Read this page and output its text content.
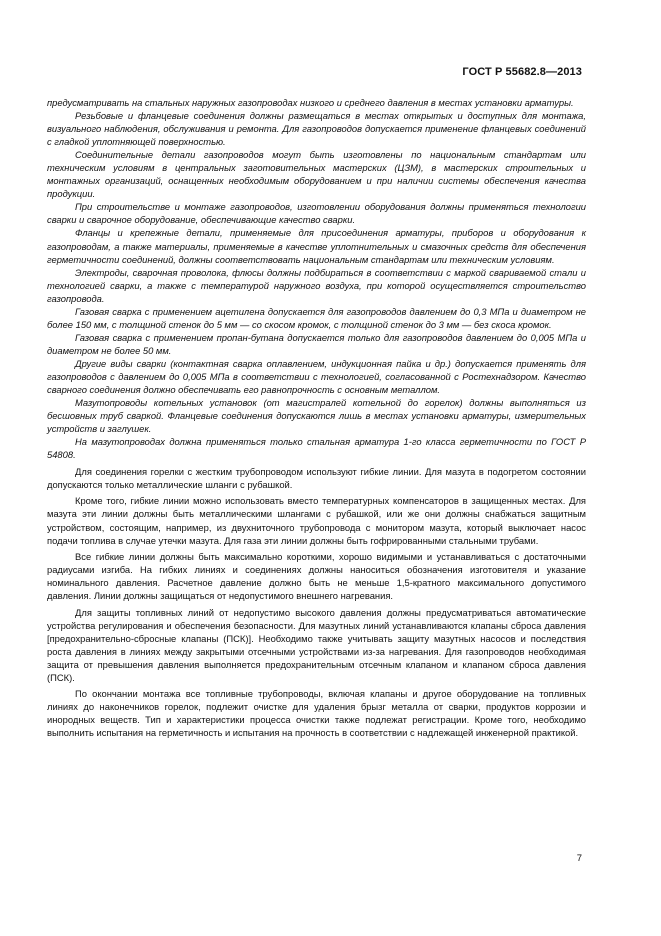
ГОСТ Р 55682.8—2013

предусматривать на стальных наружных газопроводах низкого и среднего давления в местах установки арматуры.

Резьбовые и фланцевые соединения должны размещаться в местах открытых и доступных для монтажа, визуального наблюдения, обслуживания и ремонта. Для газопроводов допускается применение фланцевых соединений с гладкой уплотняющей поверхностью.

Соединительные детали газопроводов могут быть изготовлены по национальным стандартам или техническим условиям в центральных заготовительных мастерских (ЦЗМ), в мастерских строительных и монтажных организаций, оснащенных необходимым оборудованием и при наличии системы обеспечения качества продукции.

При строительстве и монтаже газопроводов, изготовлении оборудования должны применяться технологии сварки и сварочное оборудование, обеспечивающие качество сварки.

Фланцы и крепежные детали, применяемые для присоединения арматуры, приборов и оборудования к газопроводам, а также материалы, применяемые в качестве уплотнительных и смазочных средств для обеспечения герметичности соединений, должны соответствовать национальным стандартам или техническим условиям.

Электроды, сварочная проволока, флюсы должны подбираться в соответствии с маркой свариваемой стали и технологией сварки, а также с температурой наружного воздуха, при которой осуществляется строительство газопровода.

Газовая сварка с применением ацетилена допускается для газопроводов давлением до 0,3 МПа и диаметром не более 150 мм, с толщиной стенок до 5 мм — со скосом кромок, с толщиной стенок до 3 мм — без скоса кромок.

Газовая сварка с применением пропан-бутана допускается только для газопроводов давлением до 0,005 МПа и диаметром не более 50 мм.

Другие виды сварки (контактная сварка оплавлением, индукционная пайка и др.) допускается применять для газопроводов с давлением до 0,005 МПа в соответствии с технологией, согласованной с Ростехнадзором. Качество сварного соединения должно обеспечивать его равнопрочность с основным металлом.

Мазутопроводы котельных установок (от магистралей котельной до горелок) должны выполняться из бесшовных труб сваркой. Фланцевые соединения допускаются лишь в местах установки арматуры, измерительных устройств и заглушек.

На мазутопроводах должна применяться только стальная арматура 1-го класса герметичности по ГОСТ Р 54808.

Для соединения горелки с жестким трубопроводом используют гибкие линии. Для мазута в подогретом состоянии допускаются только металлические шланги с рубашкой.

Кроме того, гибкие линии можно использовать вместо температурных компенсаторов в защищенных местах. Для мазута эти линии должны быть металлическими шлангами с рубашкой, или же они должны снабжаться защитным устройством, состоящим, например, из двухниточного трубопровода с монитором мазута, который выключает насос подачи топлива в случае утечки мазута. Для газа эти линии должны быть гофрированными стальными трубами.

Все гибкие линии должны быть максимально короткими, хорошо видимыми и устанавливаться с достаточными радиусами изгиба. На гибких линиях и соединениях должны наноситься обозначения изготовителя и указание номинального давления. Расчетное давление должно быть не меньше 1,5-кратного максимального допустимого давления. Линии должны защищаться от недопустимого внешнего нагревания.

Для защиты топливных линий от недопустимо высокого давления должны предусматриваться автоматические устройства регулирования и обеспечения безопасности. Для мазутных линий устанавливаются клапаны сброса давления [предохранительно-сбросные клапаны (ПСК)]. Необходимо также учитывать защиту мазутных насосов и последствия роста давления в линиях между закрытыми отсечными устройствами из-за нагревания. Для газопроводов необходимая защита от превышения давления выполняется предохранительным отсечным клапаном и клапаном сброса давления (ПСК).

По окончании монтажа все топливные трубопроводы, включая клапаны и другое оборудование на топливных линиях до наконечников горелок, подлежит очистке для удаления брызг металла от сварки, продуктов коррозии и инородных веществ. Тип и характеристики процесса очистки также подлежат регистрации. Кроме того, необходимо выполнить испытания на герметичность и испытания на прочность в соответствии с надлежащей инженерной практикой.

7
